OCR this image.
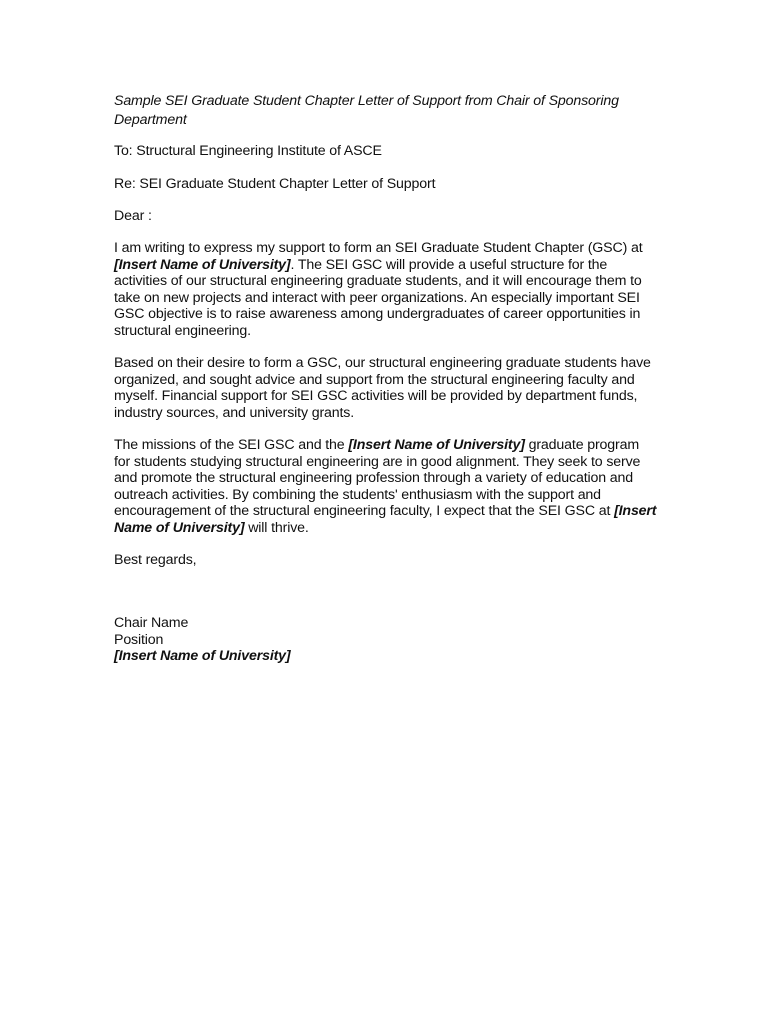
Sample SEI Graduate Student Chapter Letter of Support from Chair of Sponsoring Department
To: Structural Engineering Institute of ASCE
Re: SEI Graduate Student Chapter Letter of Support
Dear :
I am writing to express my support to form an SEI Graduate Student Chapter (GSC) at
[Insert Name of University]. The SEI GSC will provide a useful structure for the
activities of our structural engineering graduate students, and it will encourage them to
take on new projects and interact with peer organizations. An especially important SEI
GSC objective is to raise awareness among undergraduates of career opportunities in
structural engineering.
Based on their desire to form a GSC, our structural engineering graduate students have
organized, and sought advice and support from the structural engineering faculty and
myself. Financial support for SEI GSC activities will be provided by department funds,
industry sources, and university grants.
The missions of the SEI GSC and the [Insert Name of University] graduate program
for students studying structural engineering are in good alignment. They seek to serve
and promote the structural engineering profession through a variety of education and
outreach activities. By combining the students' enthusiasm with the support and
encouragement of the structural engineering faculty, I expect that the SEI GSC at [Insert
Name of University] will thrive.
Best regards,
Chair Name
Position
[Insert Name of University]
